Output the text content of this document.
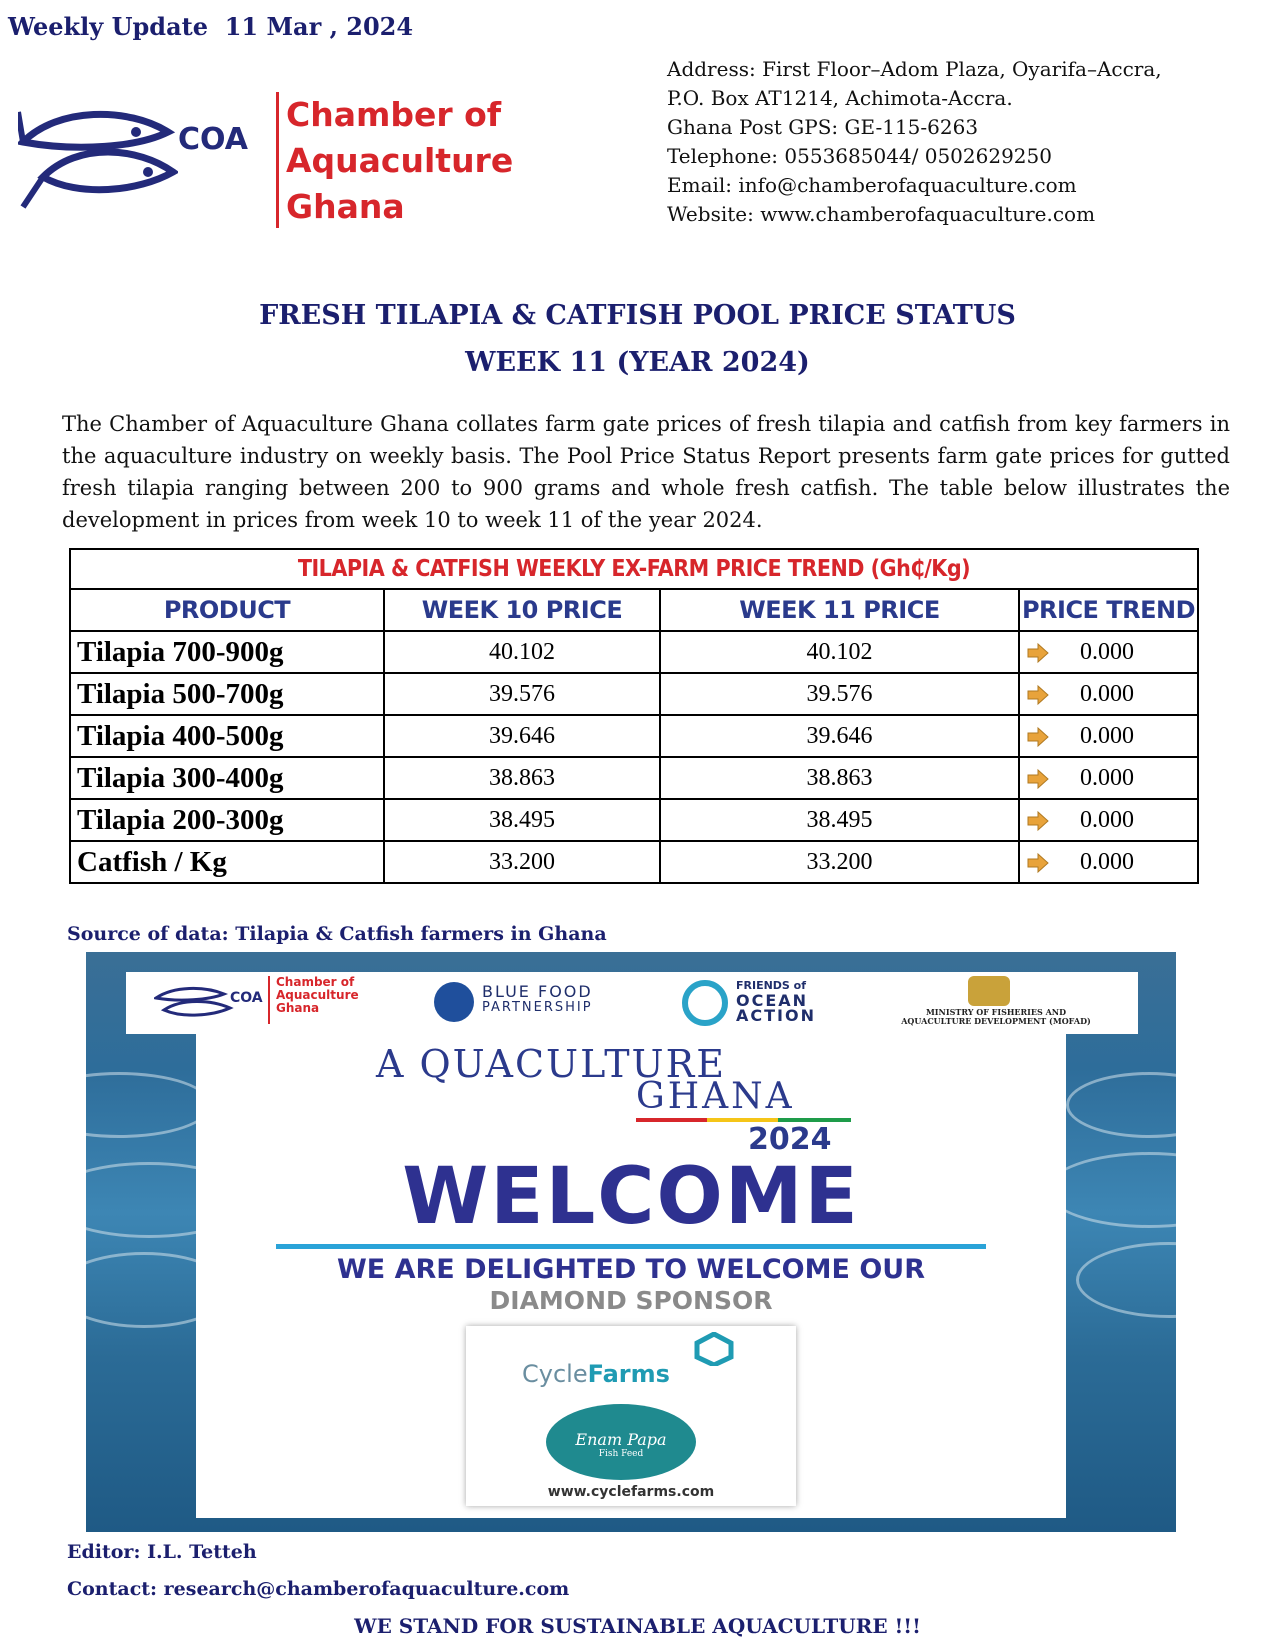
Weekly Update  11 Mar , 2024
COA
Chamber of
Aquaculture
Ghana
Address: First Floor–Adom Plaza, Oyarifa–Accra,
P.O. Box AT1214, Achimota-Accra.
Ghana Post GPS: GE-115-6263
Telephone: 0553685044/ 0502629250
Email: info@chamberofaquaculture.com
Website: www.chamberofaquaculture.com
FRESH TILAPIA & CATFISH POOL PRICE STATUS
WEEK 11 (YEAR 2024)
The Chamber of Aquaculture Ghana collates farm gate prices of fresh tilapia and catfish from key farmers in the aquaculture industry on weekly basis. The Pool Price Status Report presents farm gate prices for gutted fresh tilapia ranging between 200 to 900 grams and whole fresh catfish. The table below illustrates the development in prices from week 10 to week 11 of the year 2024.
TILAPIA & CATFISH WEEKLY EX-FARM PRICE TREND (Gh₵/Kg)			
PRODUCT	WEEK 10 PRICE	WEEK 11 PRICE	PRICE TREND
Tilapia 700-900g	40.102	40.102	0.000

Tilapia 500-700g	39.576	39.576	0.000

Tilapia 400-500g	39.646	39.646	0.000

Tilapia 300-400g	38.863	38.863	0.000

Tilapia 200-300g	38.495	38.495	0.000

Catfish / Kg	33.200	33.200	0.000
Source of data: Tilapia & Catfish farmers in Ghana
COA
Chamber of
Aquaculture
Ghana
BLUE FOOD
PARTNERSHIP
FRIENDS of
OCEAN
ACTION	MINISTRY OF FISHERIES AND
AQUACULTURE DEVELOPMENT (MOFAD)
A QUACULTURE
GHANA
2024
WELCOME
WE ARE DELIGHTED TO WELCOME OUR
DIAMOND SPONSOR
CycleFarms
Enam Papa
Fish Feed
www.cyclefarms.com
Editor: I.L. Tetteh
Contact: research@chamberofaquaculture.com
WE STAND FOR SUSTAINABLE AQUACULTURE !!!
